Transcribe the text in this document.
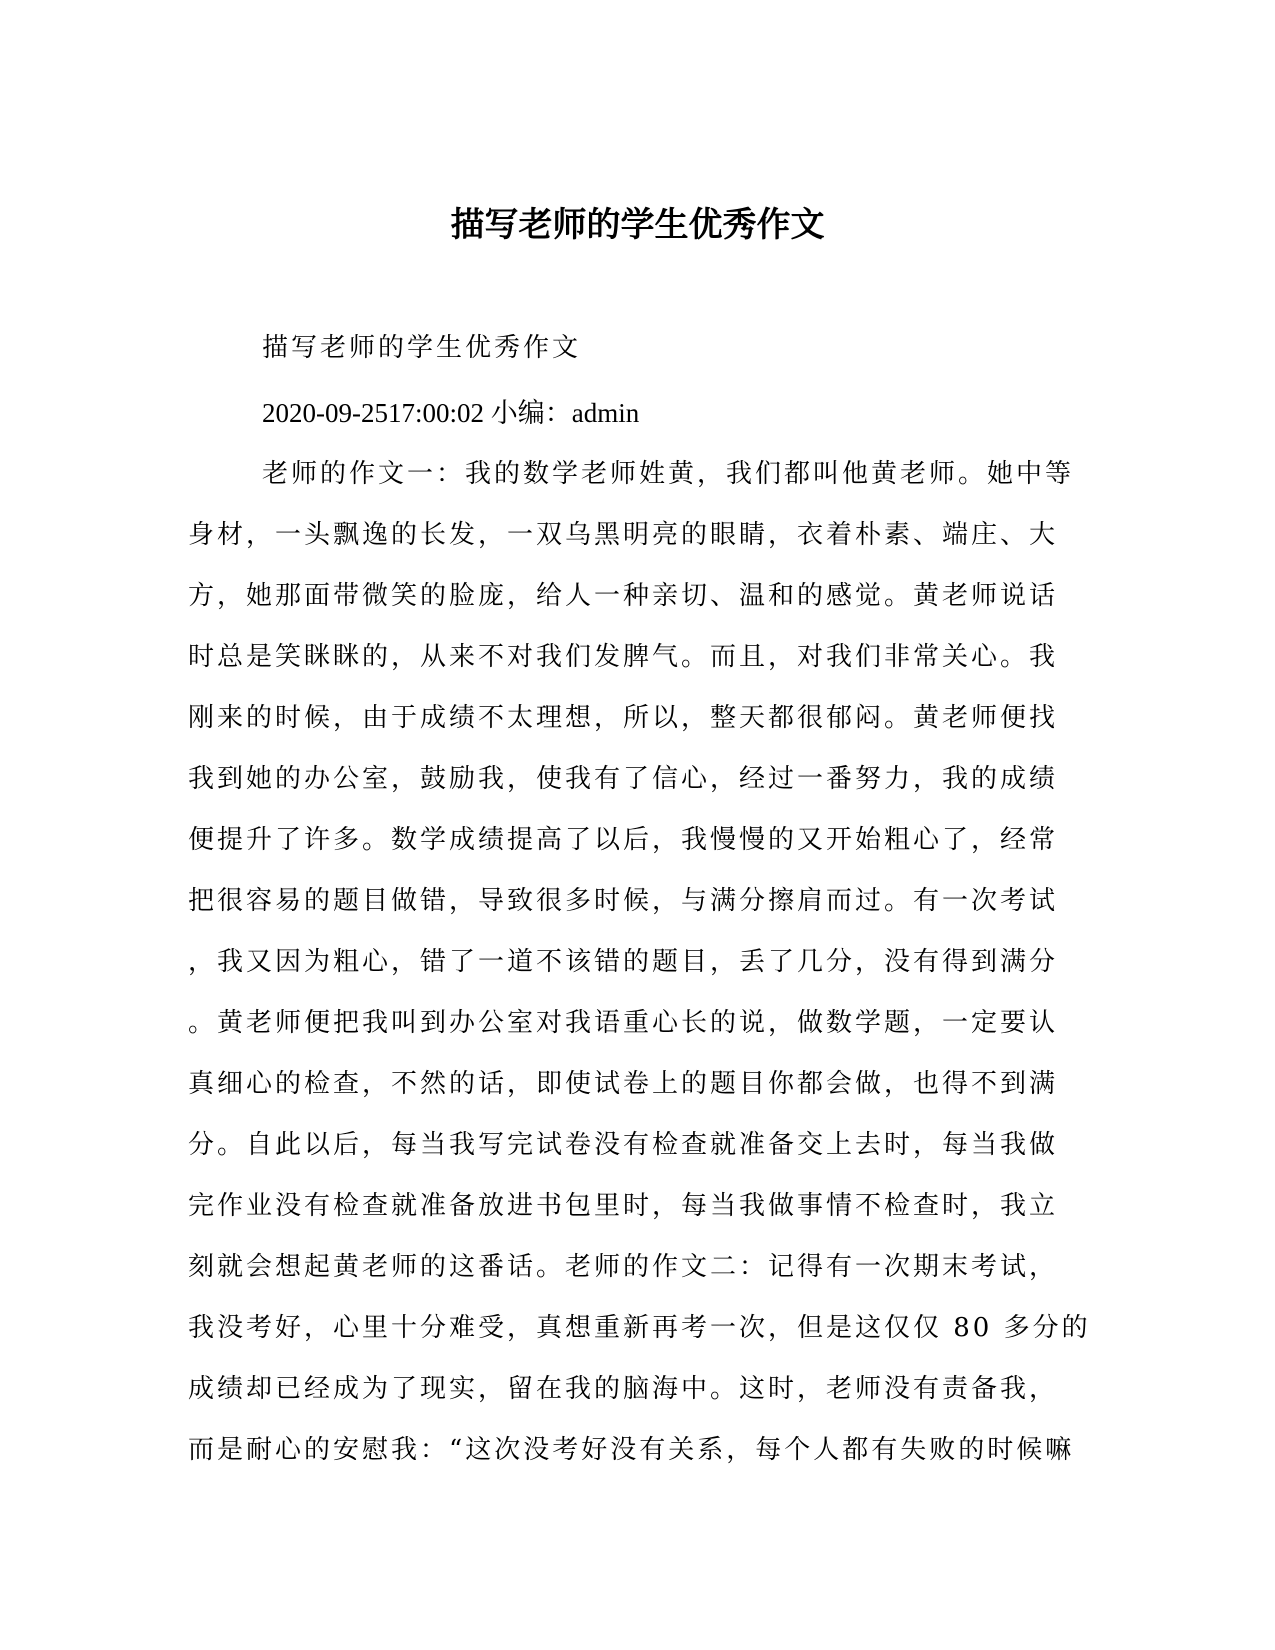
描写老师的学生优秀作文
描写老师的学生优秀作文
2020-09-2517:00:02 小编：admin
老师的作文一：我的数学老师姓黄，我们都叫他黄老师。她中等
身材，一头飘逸的长发，一双乌黑明亮的眼睛，衣着朴素、端庄、大
方，她那面带微笑的脸庞，给人一种亲切、温和的感觉。黄老师说话
时总是笑眯眯的，从来不对我们发脾气。而且，对我们非常关心。我
刚来的时候，由于成绩不太理想，所以，整天都很郁闷。黄老师便找
我到她的办公室，鼓励我，使我有了信心，经过一番努力，我的成绩
便提升了许多。数学成绩提高了以后，我慢慢的又开始粗心了，经常
把很容易的题目做错，导致很多时候，与满分擦肩而过。有一次考试
，我又因为粗心，错了一道不该错的题目，丢了几分，没有得到满分
。黄老师便把我叫到办公室对我语重心长的说，做数学题，一定要认
真细心的检查，不然的话，即使试卷上的题目你都会做，也得不到满
分。自此以后，每当我写完试卷没有检查就准备交上去时，每当我做
完作业没有检查就准备放进书包里时，每当我做事情不检查时，我立
刻就会想起黄老师的这番话。老师的作文二：记得有一次期末考试，
我没考好，心里十分难受，真想重新再考一次，但是这仅仅 80 多分的
成绩却已经成为了现实，留在我的脑海中。这时，老师没有责备我，
而是耐心的安慰我：“这次没考好没有关系，每个人都有失败的时候嘛
